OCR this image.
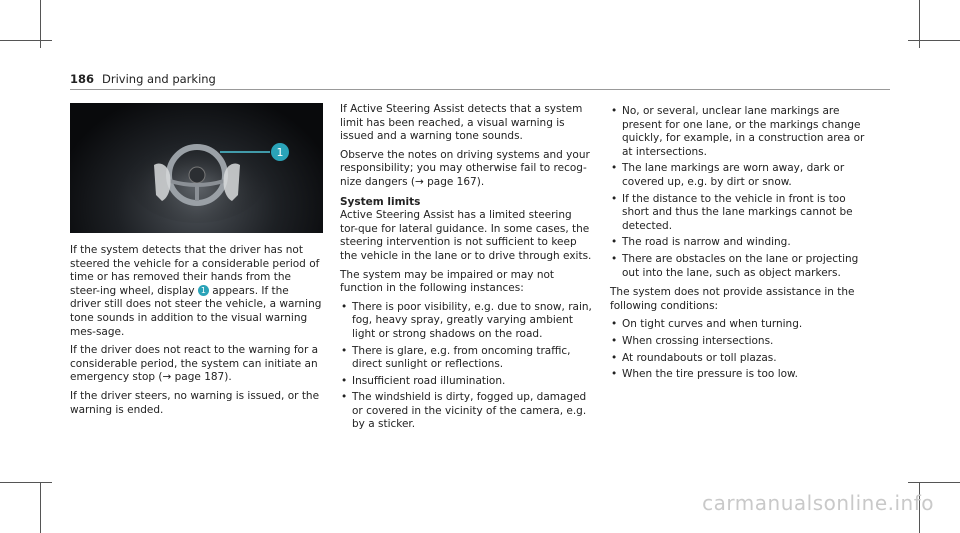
186 Driving and parking
1

If the system detects that the driver has not steered the vehicle for a considerable period of time or has removed their hands from the steer-ing wheel, display 1 appears. If the driver still does not steer the vehicle, a warning tone sounds in addition to the visual warning mes-sage.

If the driver does not react to the warning for a considerable period, the system can initiate an emergency stop (→ page 187).

If the driver steers, no warning is issued, or the warning is ended.

If Active Steering Assist detects that a system limit has been reached, a visual warning is issued and a warning tone sounds.

Observe the notes on driving systems and your responsibility; you may otherwise fail to recog-nize dangers (→ page 167).

System limits

Active Steering Assist has a limited steering tor-que for lateral guidance. In some cases, the steering intervention is not sufficient to keep the vehicle in the lane or to drive through exits.

The system may be impaired or may not function in the following instances:

• There is poor visibility, e.g. due to snow, rain, fog, heavy spray, greatly varying ambient light or strong shadows on the road.
• There is glare, e.g. from oncoming traffic, direct sunlight or reflections.
• Insufficient road illumination.
• The windshield is dirty, fogged up, damaged or covered in the vicinity of the camera, e.g. by a sticker.
• No, or several, unclear lane markings are present for one lane, or the markings change quickly, for example, in a construction area or at intersections.
• The lane markings are worn away, dark or covered up, e.g. by dirt or snow.
• If the distance to the vehicle in front is too short and thus the lane markings cannot be detected.
• The road is narrow and winding.
• There are obstacles on the lane or projecting out into the lane, such as object markers.

The system does not provide assistance in the following conditions:

• On tight curves and when turning.
• When crossing intersections.
• At roundabouts or toll plazas.
• When the tire pressure is too low.
carmanualsonline.info
